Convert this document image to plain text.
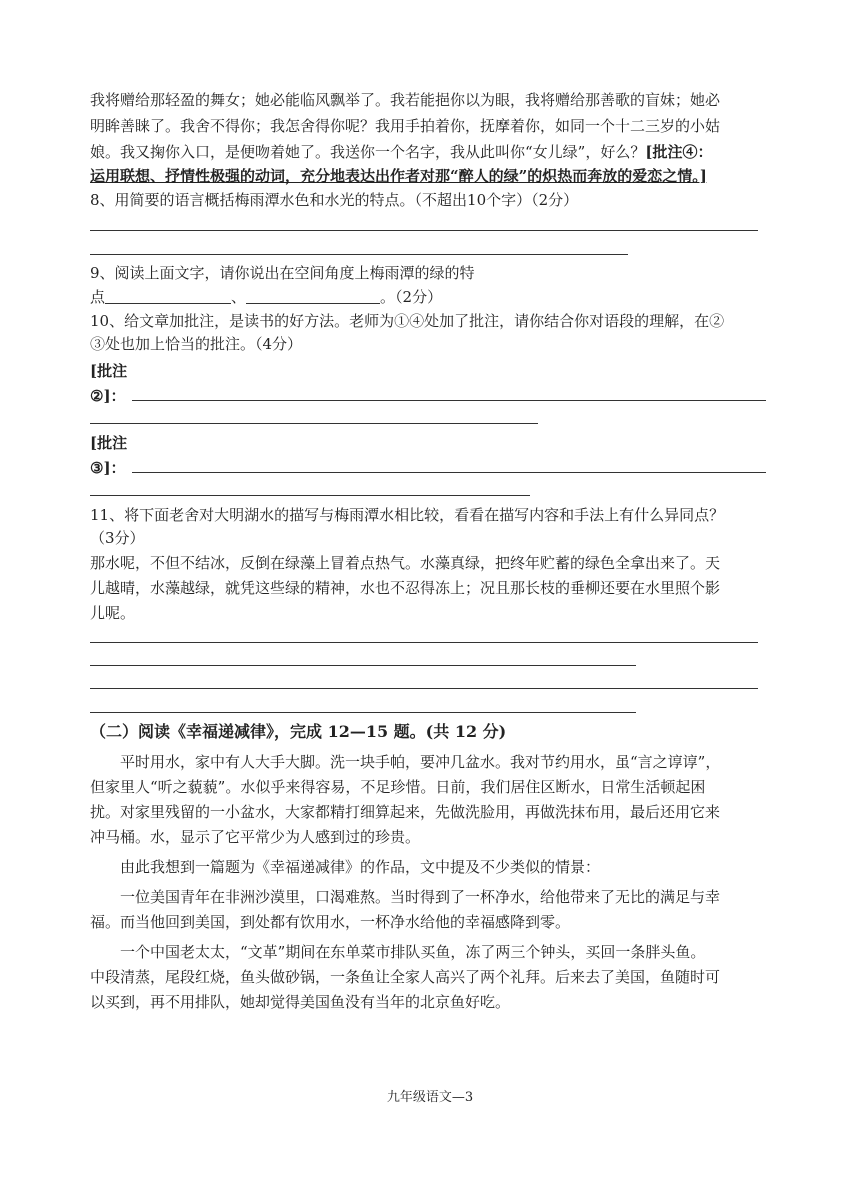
我将赠给那轻盈的舞女；她必能临风飘举了。我若能挹你以为眼，我将赠给那善歌的盲妹；她必
明眸善睐了。我舍不得你；我怎舍得你呢？我用手拍着你，抚摩着你，如同一个十二三岁的小姑
娘。我又掬你入口，是便吻着她了。我送你一个名字，我从此叫你“女儿绿”，好么？[批注④：
运用联想、抒情性极强的动词，充分地表达出作者对那“醉人的绿”的炽热而奔放的爱恋之情。]
8、用简要的语言概括梅雨潭水色和水光的特点。（不超出10个字）（2分）
9、阅读上面文字，请你说出在空间角度上梅雨潭的绿的特
点	、	。（2分）
10、给文章加批注，是读书的好方法。老师为①④处加了批注，请你结合你对语段的理解，在②
③处也加上恰当的批注。（4分）
[批注
②]：
[批注
③]：
11、将下面老舍对大明湖水的描写与梅雨潭水相比较，看看在描写内容和手法上有什么异同点？
（3分）
那水呢，不但不结冰，反倒在绿藻上冒着点热气。水藻真绿，把终年贮蓄的绿色全拿出来了。天
儿越晴，水藻越绿，就凭这些绿的精神，水也不忍得冻上；况且那长枝的垂柳还要在水里照个影
儿呢。
（二）阅读《幸福递减律》，完成 12—15 题。(共 12 分)
　　平时用水，家中有人大手大脚。洗一块手帕，要冲几盆水。我对节约用水，虽“言之谆谆”，
但家里人“听之藐藐”。水似乎来得容易，不足珍惜。日前，我们居住区断水，日常生活顿起困
扰。对家里残留的一小盆水，大家都精打细算起来，先做洗脸用，再做洗抹布用，最后还用它来
冲马桶。水，显示了它平常少为人感到过的珍贵。
　　由此我想到一篇题为《幸福递减律》的作品，文中提及不少类似的情景：
　　一位美国青年在非洲沙漠里，口渴难熬。当时得到了一杯净水，给他带来了无比的满足与幸
福。而当他回到美国，到处都有饮用水，一杯净水给他的幸福感降到零。
　　一个中国老太太，“文革”期间在东单菜市排队买鱼，冻了两三个钟头，买回一条胖头鱼。
中段清蒸，尾段红烧，鱼头做砂锅，一条鱼让全家人高兴了两个礼拜。后来去了美国，鱼随时可
以买到，再不用排队，她却觉得美国鱼没有当年的北京鱼好吃。
九年级语文—3
